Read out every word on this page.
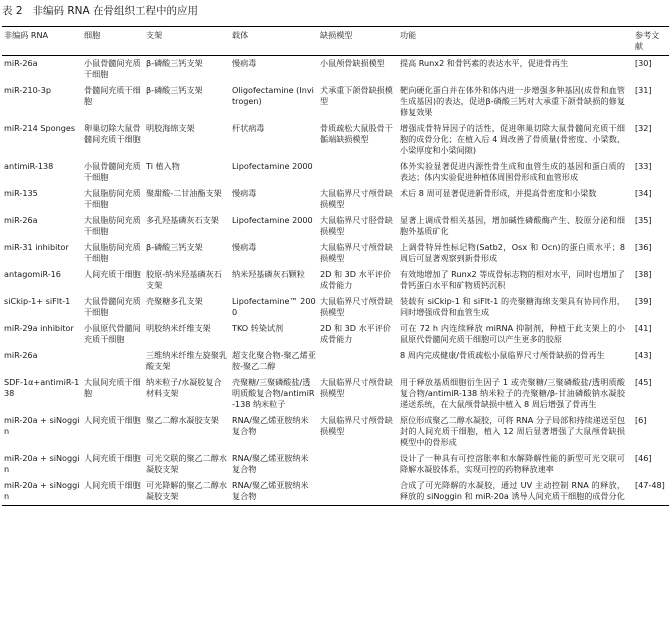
表 2 非编码 RNA 在骨组织工程中的应用
非编码 RNA	细胞	支架	载体	缺损模型	功能	参考文献
miR-26a	小鼠骨髓间充质干细胞	β-磷酸三钙支架	慢病毒	小鼠颅骨缺损模型	提高 Runx2 和骨钙素的表达水平，促进骨再生	[30]
miR-210-3p	骨髓间充质干细胞	β-磷酸三钙支架	Oligofectamine (Invitrogen)	犬承重下颌骨缺损模型	靶向硬化蛋白并在体外和体内进一步增强多种基因(成骨和血管生成基因)的表达，促进β-磷酸三钙对大承重下颌骨缺损的修复修复效果	[31]
miR-214 Sponges	卵巢切除大鼠骨髓间充质干细胞	明胶海绵支架	杆状病毒	骨质疏松大鼠股骨干骺端缺损模型	增强成骨特异因子的活性，促进卵巢切除大鼠骨髓间充质干细胞的成骨分化；在植入后 4 周改善了骨质量(骨密度、小梁数、小梁厚度和小梁间隙)	[32]
antimiR-138	小鼠骨髓间充质干细胞	Ti 植入物	Lipofectamine 2000		体外实验显著促进内源性骨生成和血管生成的基因和蛋白质的表达；体内实验促进种植体周围骨形成和血管形成	[33]
miR-135	大鼠脂肪间充质干细胞	聚甜酸-二甘油酯支架	慢病毒	大鼠临界尺寸颅骨缺损模型	术后 8 周可显著促进新骨形成，并提高骨密度和小梁数	[34]
miR-26a	大鼠脂肪间充质干细胞	多孔羟基磷灰石支架	Lipofectamine 2000	大鼠临界尺寸胫骨缺损模型	显著上调成骨相关基因，增加碱性磷酸酶产生、胶原分泌和细胞外基质矿化	[35]
miR-31 inhibitor	大鼠脂肪间充质干细胞	β-磷酸三钙支架	慢病毒	大鼠临界尺寸颅骨缺损模型	上调骨特异性标记物(Satb2，Osx 和 Ocn)的蛋白质水平；8 周后可显著观察到新骨形成	[36]
antagomiR-16	人间充质干细胞	胶原-纳米羟基磷灰石支架	纳米羟基磷灰石颗粒	2D 和 3D 水平评价成骨能力	有效地增加了 Runx2 等成骨标志物的相对水平，同时也增加了骨钙蛋白水平和矿物质钙沉积	[38]
siCkip-1+ siFlt-1	大鼠骨髓间充质干细胞	壳聚糖多孔支架	Lipofectamine™ 2000	大鼠临界尺寸颅骨缺损模型	装载有 siCkip-1 和 siFlt-1 的壳聚糖海绵支架具有协同作用，同时增强成骨和血管生成	[39]
miR-29a inhibitor	小鼠原代骨髓间充质干细胞	明胶纳米纤维支架	TKO 转染试剂	2D 和 3D 水平评价成骨能力	可在 72 h 内连续释放 miRNA 抑制剂，种植于此支架上的小鼠原代骨髓间充质干细胞可以产生更多的胶原	[41]
miR-26a		三维纳米纤维左旋聚乳酸支架	超支化聚合物-聚乙烯亚胺-聚乙二醇		8 周内完成健康/骨质疏松小鼠临界尺寸颅骨缺损的骨再生	[43]
SDF-1α+antimiR-138	大鼠间充质干细胞	纳米粒子/水凝胶复合材料支架	壳聚糖/三聚磷酸盐/透明质酸复合物/antimiR-138 纳米粒子	大鼠临界尺寸颅骨缺损模型	用于释放基质细胞衍生因子 1 或壳聚糖/三聚磷酸盐/透明质酸复合物/antimiR-138 纳米粒子的壳聚糖/β-甘油磷酸钠水凝胶递送系统，在大鼠颅骨缺损中植入 8 周后增强了骨再生	[45]
miR-20a + siNoggin	人间充质干细胞	聚乙二醇水凝胶支架	RNA/聚乙烯亚胺纳米复合物	大鼠临界尺寸颅骨缺损模型	原位形成聚乙二醇水凝胶，可将 RNA 分子局部和持续递送至包封的人间充质干细胞，植入 12 周后显著增强了大鼠颅骨缺损模型中的骨形成	[6]
miR-20a + siNoggin	人间充质干细胞	可光交联的聚乙二醇水凝胶支架	RNA/聚乙烯亚胺纳米复合物		设计了一种具有可控溶胀率和水解降解性能的新型可光交联可降解水凝胶体系，实现可控的药物释放速率	[46]
miR-20a + siNoggin	人间充质干细胞	可光降解的聚乙二醇水凝胶支架	RNA/聚乙烯亚胺纳米复合物		合成了可光降解的水凝胶，通过 UV 主动控制 RNA 的释放，释放的 siNoggin 和 miR-20a 诱导人间充质干细胞的成骨分化	[47-48]
